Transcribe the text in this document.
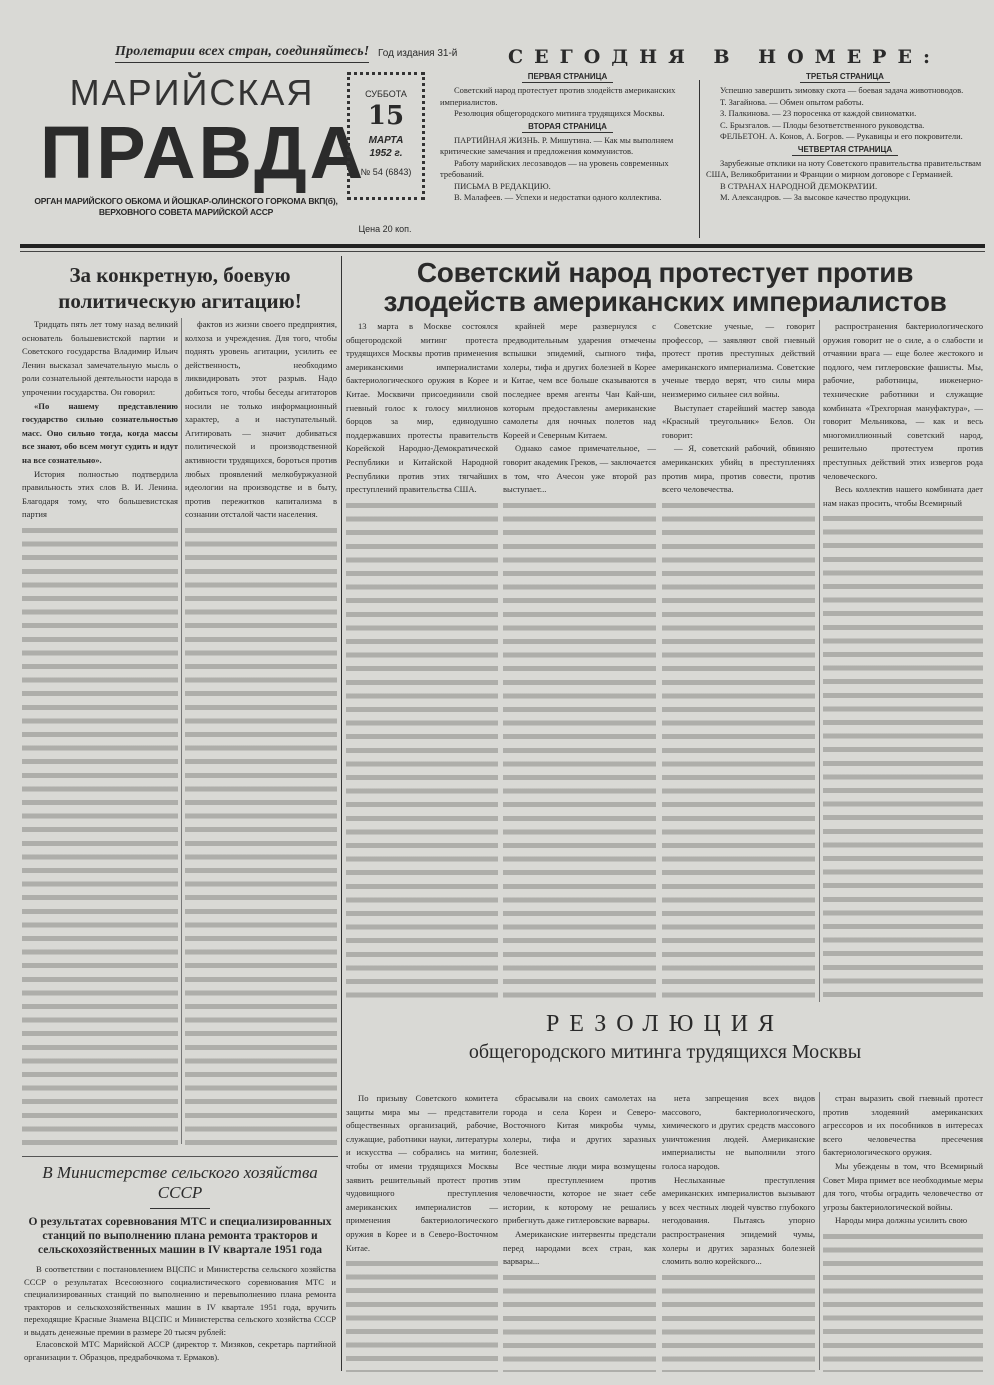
Пролетарии всех стран, соединяйтесь! Год издания 31-й
МАРИЙСКАЯ
ПРАВДА
ОРГАН МАРИЙСКОГО ОБКОМА И ЙОШКАР-ОЛИНСКОГО ГОРКОМА ВКП(б),
ВЕРХОВНОГО СОВЕТА МАРИЙСКОЙ АССР
СУББОТА
15
МАРТА
1952 г.
№ 54 (6843)
Цена 20 коп.
СЕГОДНЯ В НОМЕРЕ:
ПЕРВАЯ СТРАНИЦА

Советский народ протестует против злодейств американских империалистов.

Резолюция общегородского митинга трудящихся Москвы.

ВТОРАЯ СТРАНИЦА

ПАРТИЙНАЯ ЖИЗНЬ. Р. Мишутина. — Как мы выполняем критические замечания и предложения коммунистов.

Работу марийских лесозаводов — на уровень современных требований.

ПИСЬМА В РЕДАКЦИЮ.

В. Малафеев. — Успехи и недостатки одного коллектива.

ТРЕТЬЯ СТРАНИЦА

Успешно завершить зимовку скота — боевая задача животноводов.

Т. Загайнова. — Обмен опытом работы.

З. Палкинова. — 23 поросенка от каждой свиноматки.

С. Брызгалов. — Плоды безответственного руководства.

ФЕЛЬЕТОН. А. Конов, А. Богров. — Рукавицы и его покровители.

ЧЕТВЕРТАЯ СТРАНИЦА

Зарубежные отклики на ноту Советского правительства правительствам США, Великобритании и Франции о мирном договоре с Германией.

В СТРАНАХ НАРОДНОЙ ДЕМОКРАТИИ.

М. Александров. — За высокое качество продукции.

За конкретную, боевую политическую агитацию!

Тридцать пять лет тому назад великий основатель большевистской партии и Советского государства Владимир Ильич Ленин высказал замечательную мысль о роли сознательной деятельности народа в упрочении государства. Он говорил:

«По нашему представлению государство сильно сознательностью масс. Оно сильно тогда, когда массы все знают, обо всем могут судить и идут на все сознательно».

История полностью подтвердила правильность этих слов В. И. Ленина. Благодаря тому, что большевистская партия

фактов из жизни своего предприятия, колхоза и учреждения. Для того, чтобы поднять уровень агитации, усилить ее действенность, необходимо ликвидировать этот разрыв. Надо добиться того, чтобы беседы агитаторов носили не только информационный характер, а и наступательный. Агитировать — значит добиваться политической и производственной активности трудящихся, бороться против любых проявлений мелкобуржуазной идеологии на производстве и в быту, против пережитков капитализма в сознании отсталой части населения.

Советский народ протестует против злодейств американских империалистов

13 марта в Москве состоялся общегородской митинг протеста трудящихся Москвы против применения американскими империалистами бактериологического оружия в Корее и Китае. Москвичи присоединили свой гневный голос к голосу миллионов борцов за мир, единодушно поддержавших протесты правительств Корейской Народно-Демократической Республики и Китайской Народной Республики против этих тягчайших преступлений правительства США.

крайней мере развернулся с предводительным ударения отмечены вспышки эпидемий, сыпного тифа, холеры, тифа и других болезней в Корее и Китае, чем все больше сказываются в последнее время агенты Чан Кай-ши, которым предоставлены американские самолеты для ночных полетов над Кореей и Северным Китаем.

Однако самое примечательное, — говорит академик Греков, — заключается в том, что Ачесон уже второй раз выступает...

Советские ученые, — говорит профессор, — заявляют свой гневный протест против преступных действий американского империализма. Советские ученые твердо верят, что силы мира неизмеримо сильнее сил войны.

Выступает старейший мастер завода «Красный треугольник» Белов. Он говорит:

— Я, советский рабочий, обвиняю американских убийц в преступлениях против мира, против совести, против всего человечества.

распространения бактериологического оружия говорит не о силе, а о слабости и отчаянии врага — еще более жестокого и подлого, чем гитлеровские фашисты. Мы, рабочие, работницы, инженерно-технические работники и служащие комбината «Трехгорная мануфактура», — говорит Мельникова, — как и весь многомиллионный советский народ, решительно протестуем против преступных действий этих извергов рода человеческого.

Весь коллектив нашего комбината дает нам наказ просить, чтобы Всемирный

РЕЗОЛЮЦИЯ
общегородского митинга трудящихся Москвы

По призыву Советского комитета защиты мира мы — представители общественных организаций, рабочие, служащие, работники науки, литературы и искусства — собрались на митинг, чтобы от имени трудящихся Москвы заявить решительный протест против чудовищного преступления американских империалистов — применения бактериологического оружия в Корее и в Северо-Восточном Китае.

сбрасывали на своих самолетах на города и села Кореи и Северо-Восточного Китая микробы чумы, холеры, тифа и других заразных болезней.

Все честные люди мира возмущены этим преступлением против человечности, которое не знает себе истории, к которому не решались прибегнуть даже гитлеровские варвары.

Американские интервенты предстали перед народами всех стран, как варвары...

нета запрещения всех видов массового, бактериологического, химического и других средств массового уничтожения людей. Американские империалисты не выполнили этого голоса народов.

Неслыханные преступления американских империалистов вызывают у всех честных людей чувство глубокого негодования. Пытаясь упорно распространения эпидемий чумы, холеры и других заразных болезней сломить волю корейского...

стран выразить свой гневный протест против злодеяний американских агрессоров и их пособников в интересах всего человечества пресечения бактериологического оружия.

Мы убеждены в том, что Всемирный Совет Мира примет все необходимые меры для того, чтобы оградить человечество от угрозы бактериологической войны.

Народы мира должны усилить свою

В Министерстве сельского хозяйства СССР
О результатах соревнования МТС и специализированных станций по выполнению плана ремонта тракторов и сельскохозяйственных машин в IV квартале 1951 года

В соответствии с постановлением ВЦСПС и Министерства сельского хозяйства СССР о результатах Всесоюзного социалистического соревнования МТС и специализированных станций по выполнению и перевыполнению плана ремонта тракторов и сельскохозяйственных машин в IV квартале 1951 года, вручить переходящие Красные Знамена ВЦСПС и Министерства сельского хозяйства СССР и выдать денежные премии в размере 20 тысяч рублей:

Еласовской МТС Марийской АССР (директор т. Мизяков, секретарь партийной организации т. Образцов, предрабочкома т. Ермаков).
